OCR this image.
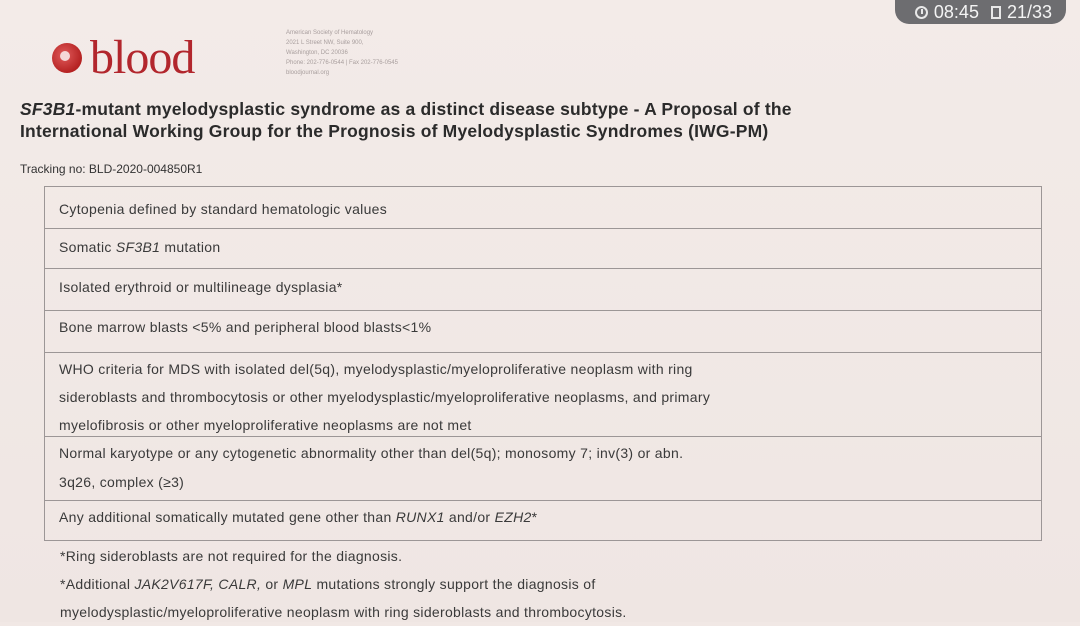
08:45 21/33
blood	American Society of Hematology
2021 L Street NW, Suite 900,
Washington, DC 20036
Phone: 202-776-0544 | Fax 202-776-0545
bloodjournal.org
SF3B1-mutant myelodysplastic syndrome as a distinct disease subtype - A Proposal of the
International Working Group for the Prognosis of Myelodysplastic Syndromes (IWG-PM)
Tracking no: BLD-2020-004850R1
Cytopenia defined by standard hematologic values
Somatic SF3B1 mutation
Isolated erythroid or multilineage dysplasia*
Bone marrow blasts <5% and peripheral blood blasts<1%
WHO criteria for MDS with isolated del(5q), myelodysplastic/myeloproliferative neoplasm with ring
sideroblasts and thrombocytosis or other myelodysplastic/myeloproliferative neoplasms, and primary
myelofibrosis or other myeloproliferative neoplasms are not met
Normal karyotype or any cytogenetic abnormality other than del(5q); monosomy 7; inv(3) or abn.
3q26, complex (≥3)
Any additional somatically mutated gene other than RUNX1 and/or EZH2*
*Ring sideroblasts are not required for the diagnosis.
*Additional JAK2V617F, CALR, or MPL mutations strongly support the diagnosis of
myelodysplastic/myeloproliferative neoplasm with ring sideroblasts and thrombocytosis.
